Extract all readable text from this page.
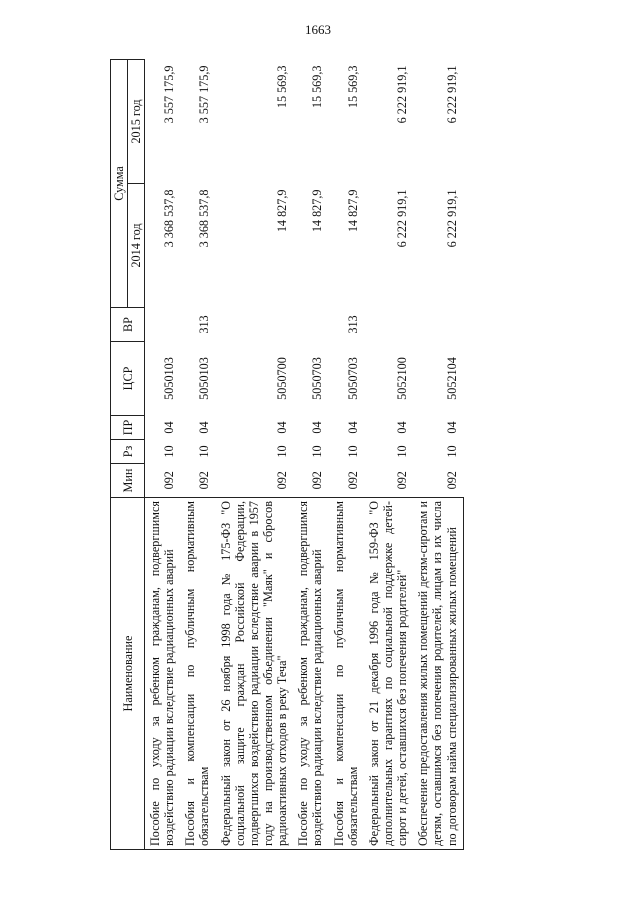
1663
Наименование	Мин	Рз	ПР	ЦСР	ВР	Сумма	
						2014 год	2015 год
Пособие по уходу за ребенком гражданам, подвергшимся воздействию радиации вследствие радиационных аварий	092	10	04	5050103		3 368 537,8	3 557 175,9
Пособия и компенсации по публичным нормативным обязательствам	092	10	04	5050103	313	3 368 537,8	3 557 175,9
Федеральный закон от 26 ноября 1998 года № 175-ФЗ "О социальной защите граждан Российской Федерации, подвергшихся воздействию радиации вследствие аварии в 1957 году на производственном объединении "Маяк" и сбросов радиоактивных отходов в реку Теча"	092	10	04	5050700		14 827,9	15 569,3
Пособие по уходу за ребенком гражданам, подвергшимся воздействию радиации вследствие радиационных аварий	092	10	04	5050703		14 827,9	15 569,3
Пособия и компенсации по публичным нормативным обязательствам	092	10	04	5050703	313	14 827,9	15 569,3
Федеральный закон от 21 декабря 1996 года № 159-ФЗ "О дополнительных гарантиях по социальной поддержке детей-сирот и детей, оставшихся без попечения родителей"	092	10	04	5052100		6 222 919,1	6 222 919,1
Обеспечение предоставления жилых помещений детям-сиротам и детям, оставшимся без попечения родителей, лицам из их числа по договорам найма специализированных жилых помещений	092	10	04	5052104		6 222 919,1	6 222 919,1
